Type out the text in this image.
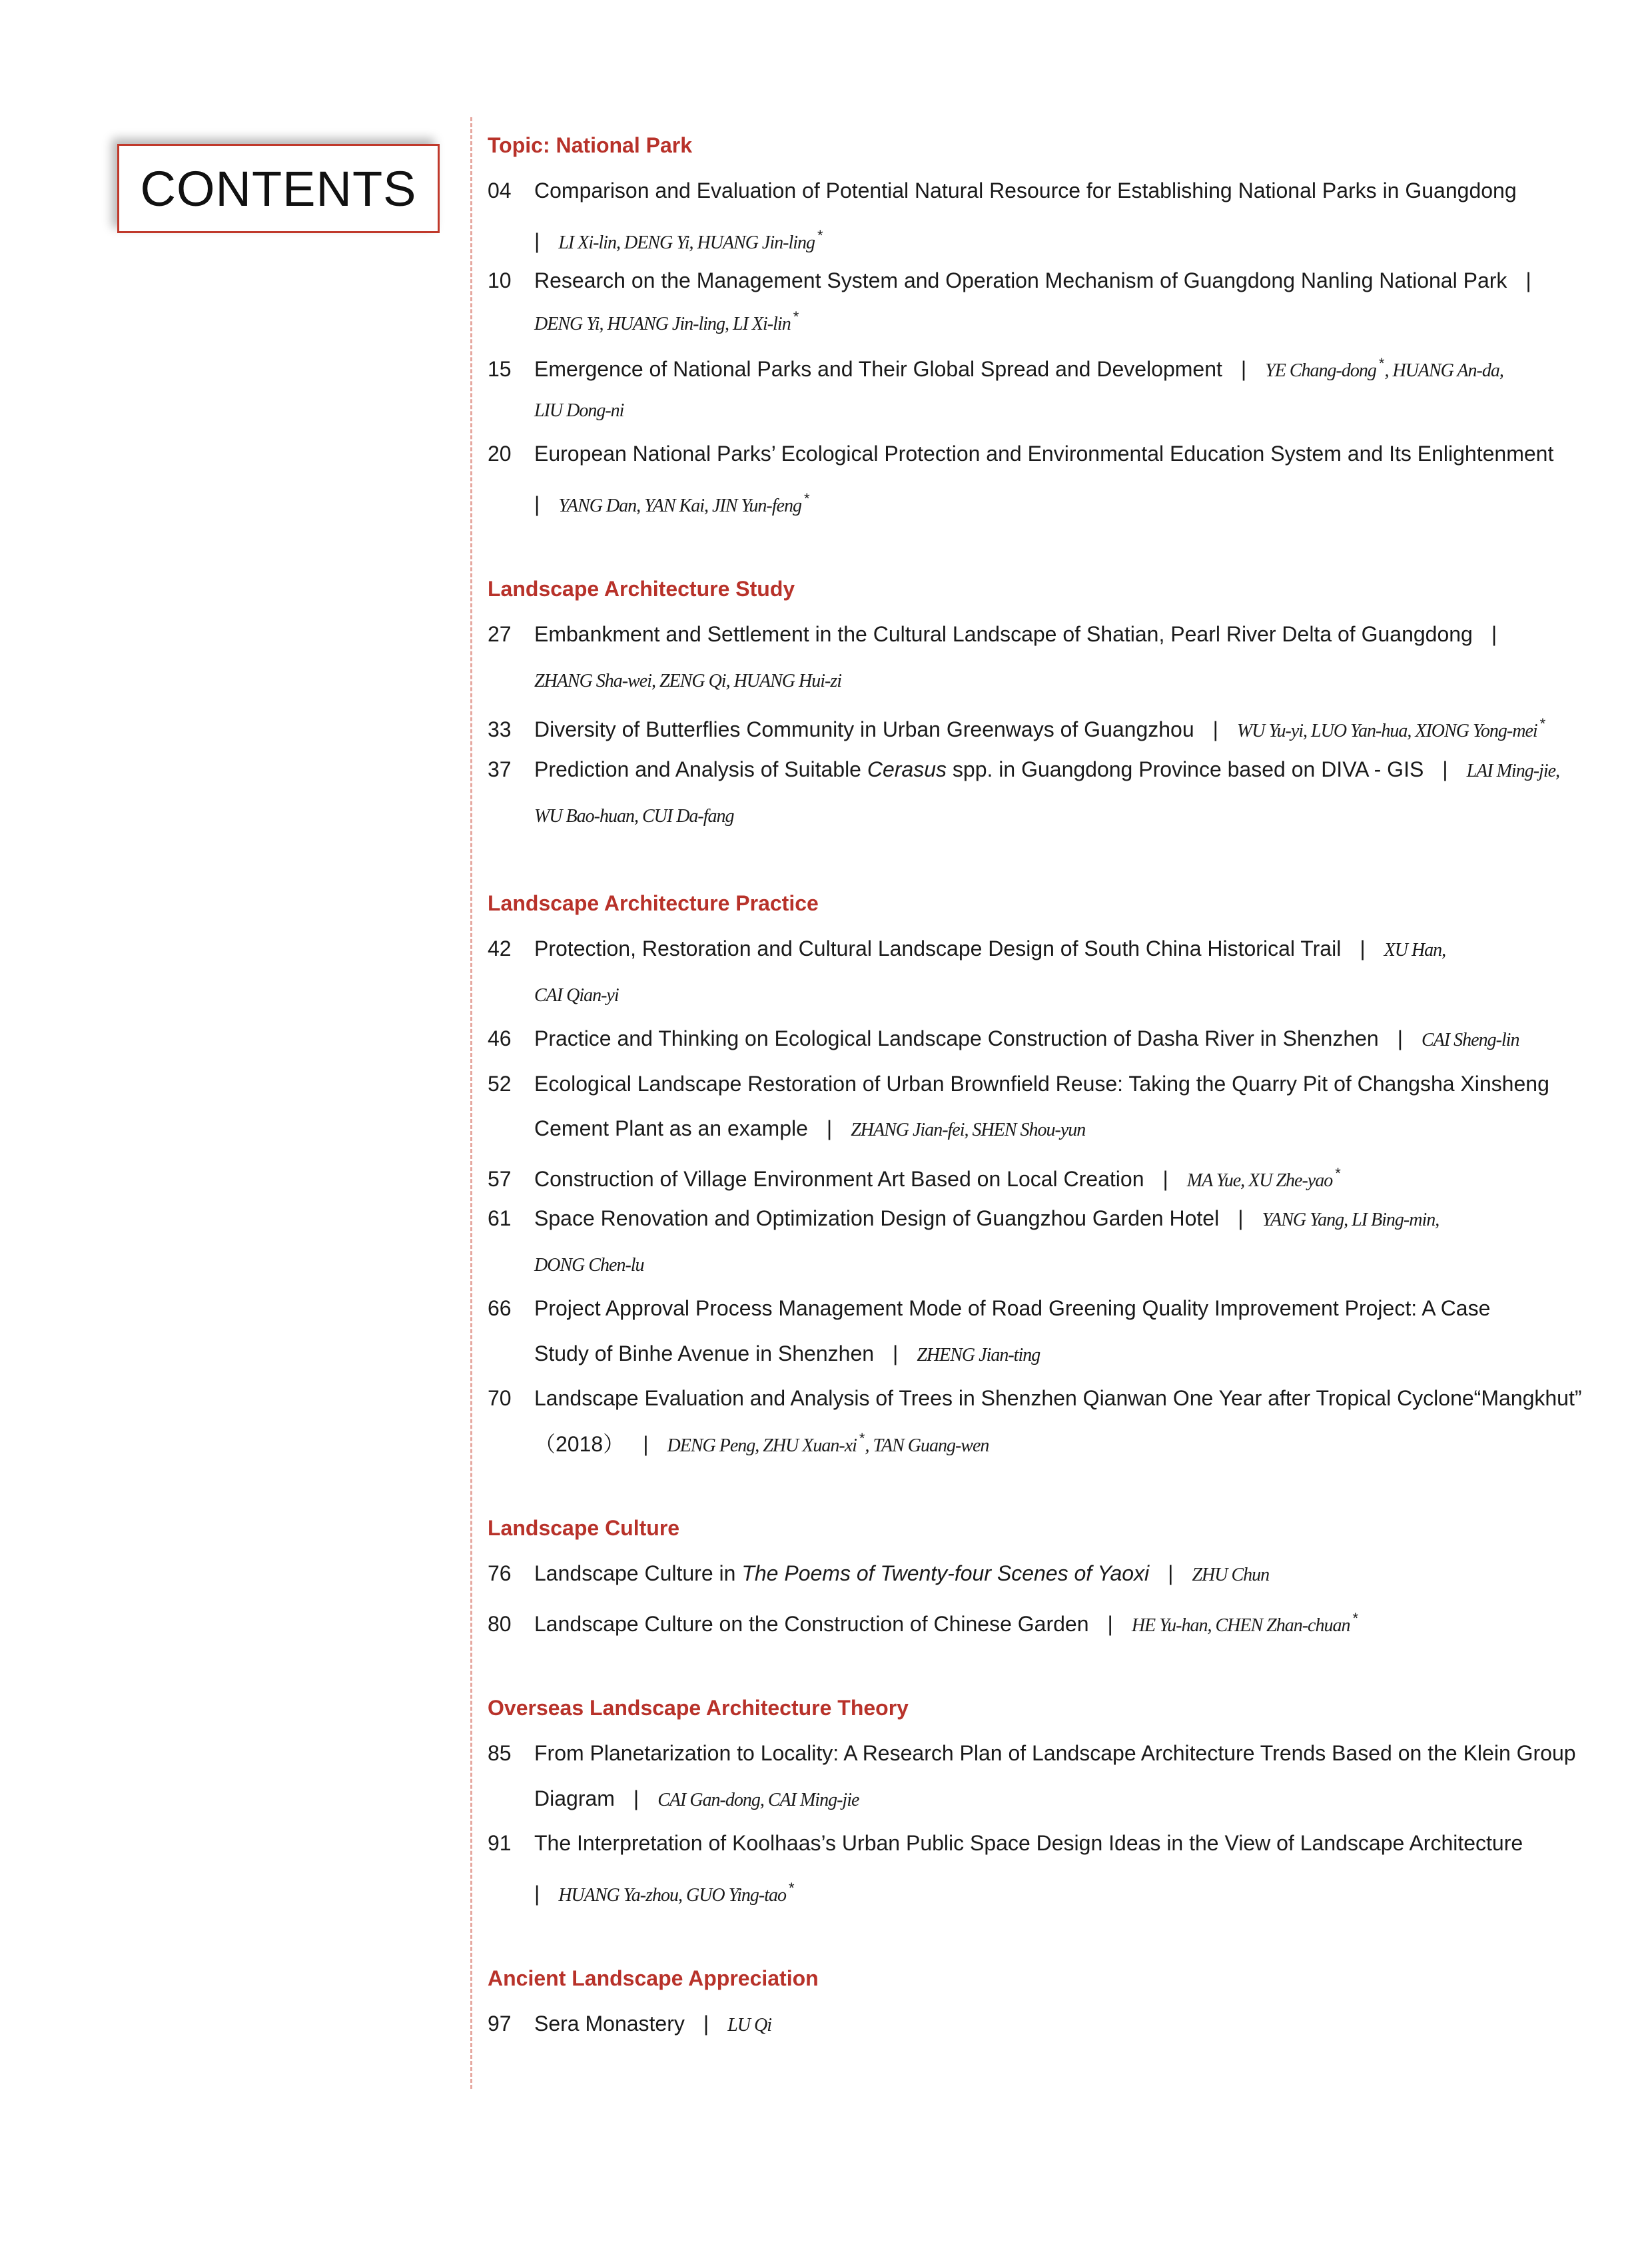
CONTENTS
Topic: National Park
04 Comparison and Evaluation of Potential Natural Resource for Establishing National Parks in Guangdong
| LI Xi-lin, DENG Yi, HUANG Jin-ling *
10 Research on the Management System and Operation Mechanism of Guangdong Nanling National Park |
DENG Yi, HUANG Jin-ling, LI Xi-lin *
15 Emergence of National Parks and Their Global Spread and Development | YE Chang-dong *, HUANG An-da,
LIU Dong-ni
20 European National Parks’ Ecological Protection and Environmental Education System and Its Enlightenment
| YANG Dan, YAN Kai, JIN Yun-feng *
Landscape Architecture Study
27 Embankment and Settlement in the Cultural Landscape of Shatian, Pearl River Delta of Guangdong |
ZHANG Sha-wei, ZENG Qi, HUANG Hui-zi
33 Diversity of Butterflies Community in Urban Greenways of Guangzhou | WU Yu-yi, LUO Yan-hua, XIONG Yong-mei *
37 Prediction and Analysis of Suitable Cerasus spp. in Guangdong Province based on DIVA - GIS | LAI Ming-jie,
WU Bao-huan, CUI Da-fang
Landscape Architecture Practice
42 Protection, Restoration and Cultural Landscape Design of South China Historical Trail | XU Han,
CAI Qian-yi
46 Practice and Thinking on Ecological Landscape Construction of Dasha River in Shenzhen | CAI Sheng-lin
52 Ecological Landscape Restoration of Urban Brownfield Reuse: Taking the Quarry Pit of Changsha Xinsheng
Cement Plant as an example | ZHANG Jian-fei, SHEN Shou-yun
57 Construction of Village Environment Art Based on Local Creation | MA Yue, XU Zhe-yao *
61 Space Renovation and Optimization Design of Guangzhou Garden Hotel | YANG Yang, LI Bing-min,
DONG Chen-lu
66 Project Approval Process Management Mode of Road Greening Quality Improvement Project: A Case
Study of Binhe Avenue in Shenzhen | ZHENG Jian-ting
70 Landscape Evaluation and Analysis of Trees in Shenzhen Qianwan One Year after Tropical Cyclone“Mangkhut”
（2018） | DENG Peng, ZHU Xuan-xi *, TAN Guang-wen
Landscape Culture
76 Landscape Culture in The Poems of Twenty-four Scenes of Yaoxi | ZHU Chun
80 Landscape Culture on the Construction of Chinese Garden | HE Yu-han, CHEN Zhan-chuan *
Overseas Landscape Architecture Theory
85 From Planetarization to Locality: A Research Plan of Landscape Architecture Trends Based on the Klein Group
Diagram | CAI Gan-dong, CAI Ming-jie
91 The Interpretation of Koolhaas’s Urban Public Space Design Ideas in the View of Landscape Architecture
| HUANG Ya-zhou, GUO Ying-tao *
Ancient Landscape Appreciation
97 Sera Monastery | LU Qi
